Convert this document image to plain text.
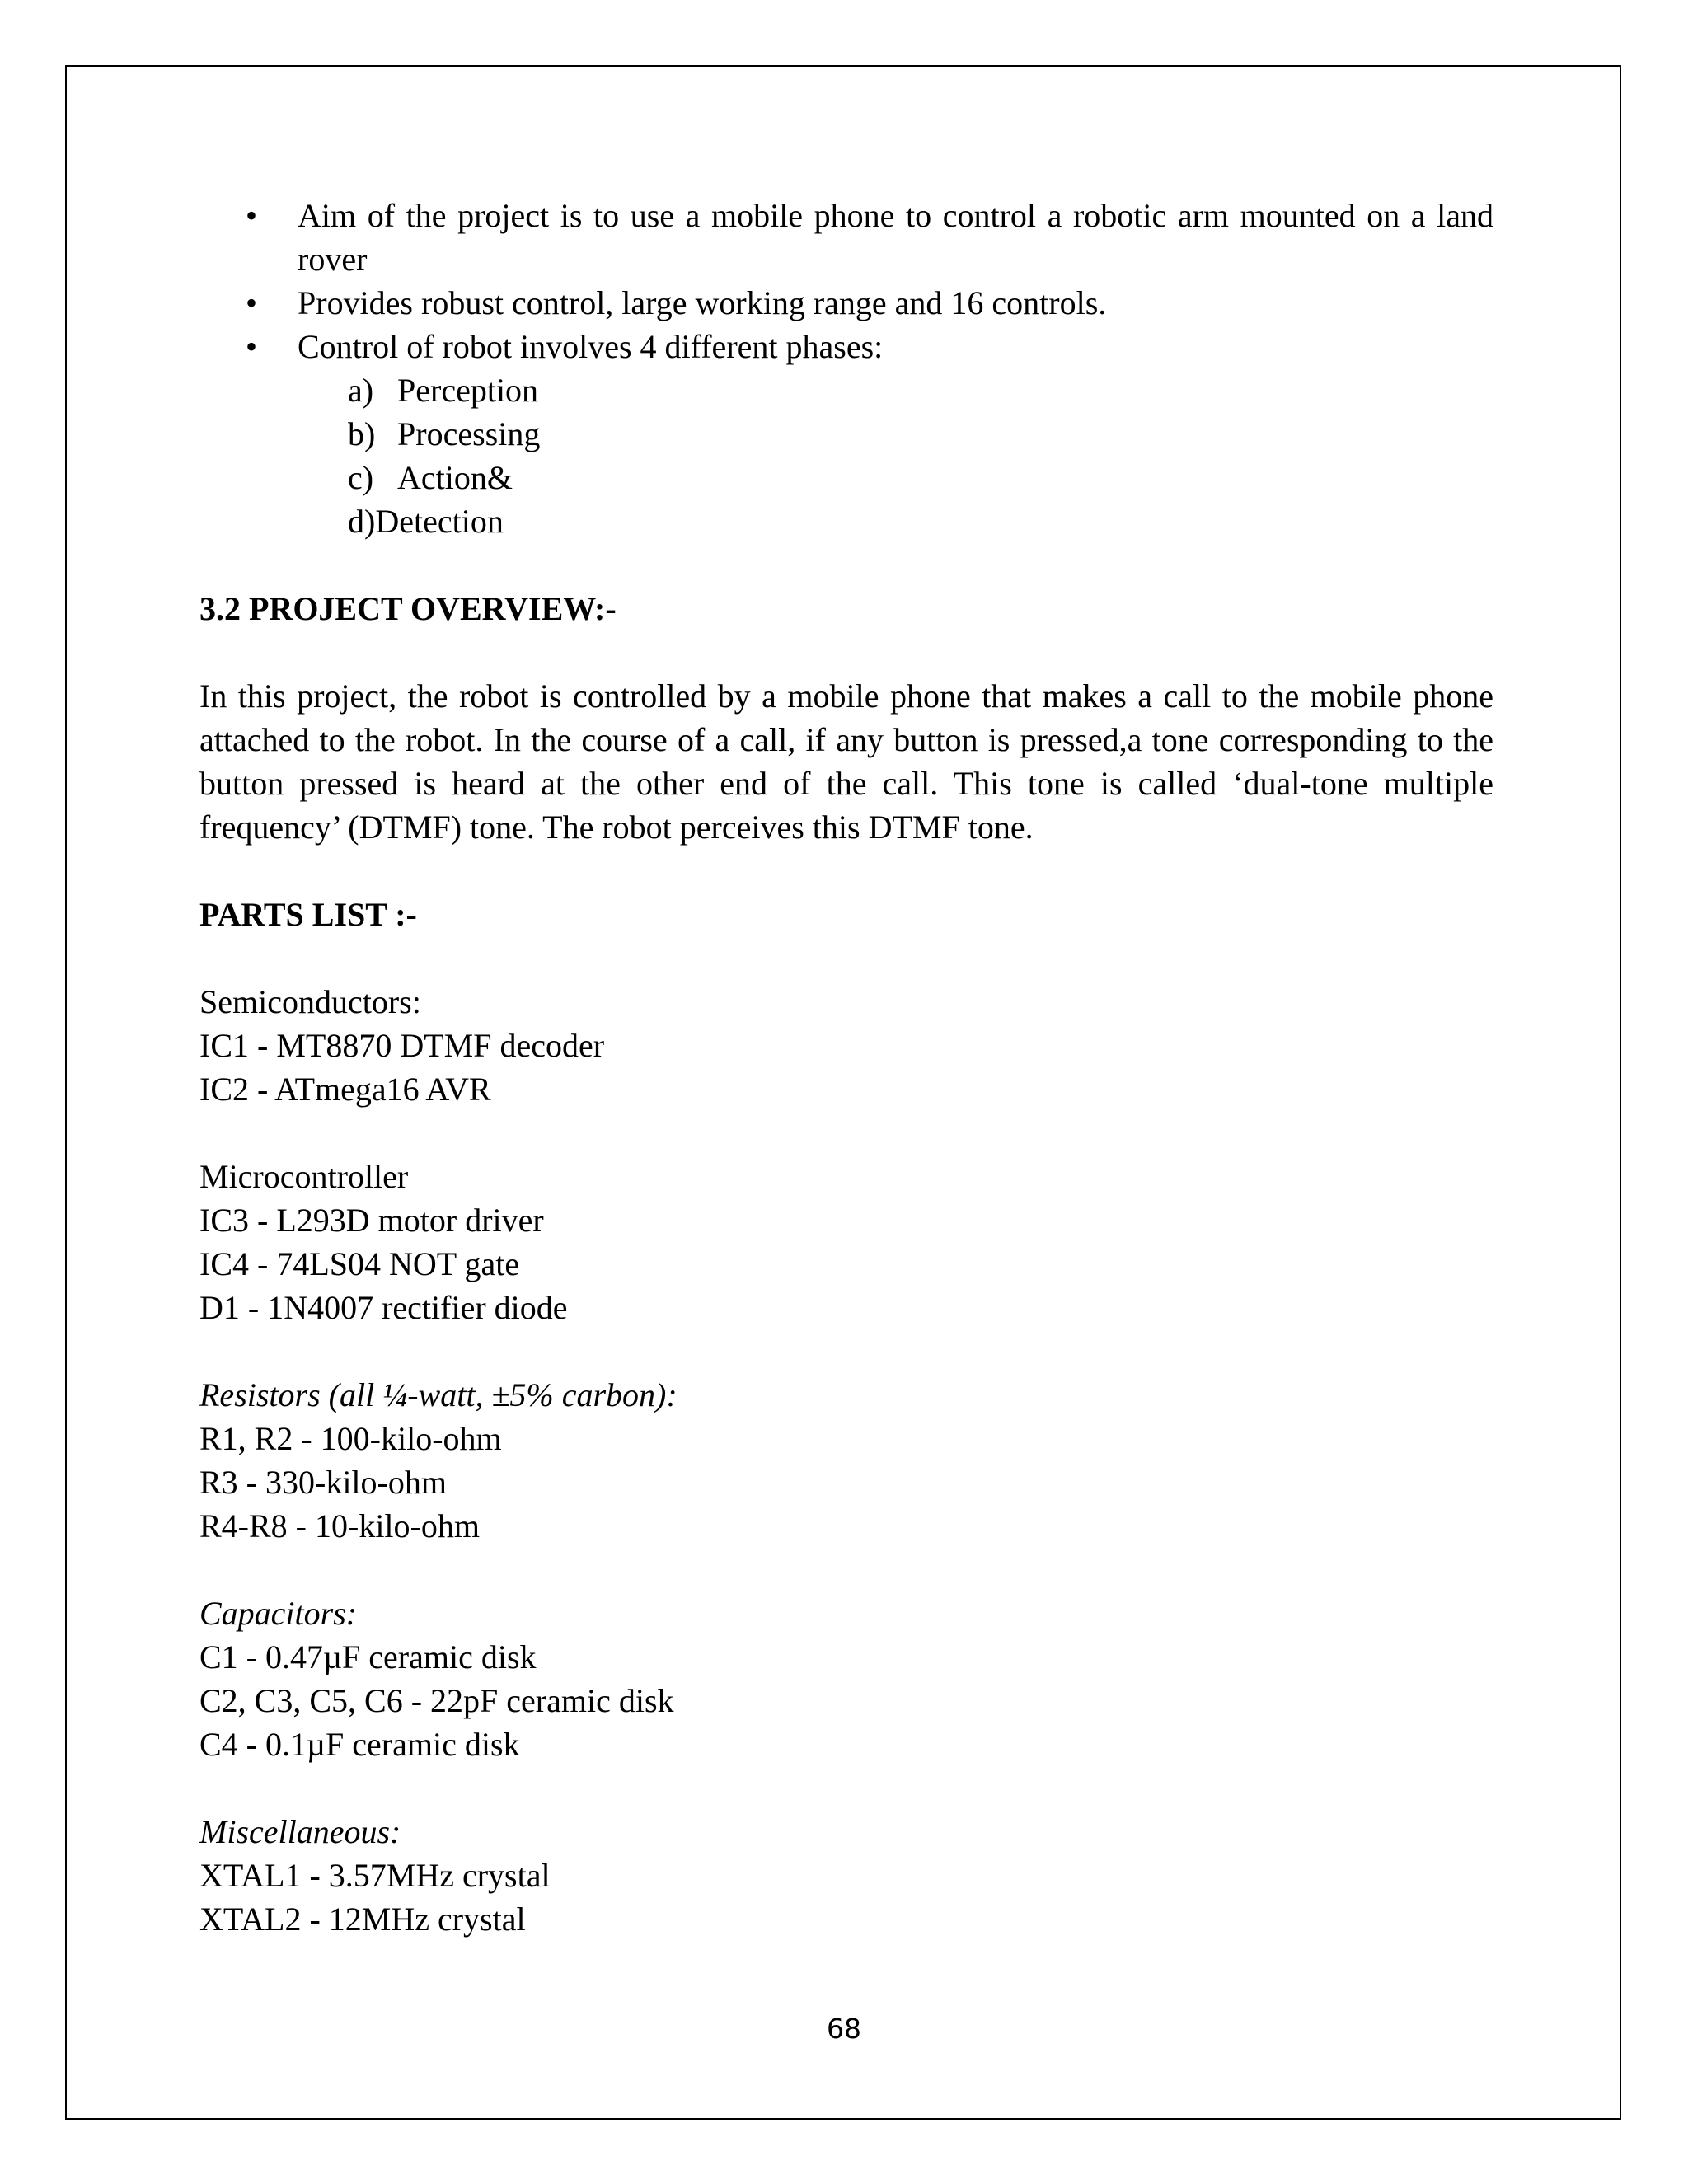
• Aim of the project is to use a mobile phone to control a robotic arm mounted on a land rover
• Provides robust control, large working range and 16 controls.
• Control of robot involves 4 different phases:
a) Perception
b) Processing
c) Action&
d)Detection

3.2 PROJECT OVERVIEW:-

In this project, the robot is controlled by a mobile phone that makes a call to the mobile phone attached to the robot. In the course of a call, if any button is pressed,a tone corresponding to the button pressed is heard at the other end of the call. This tone is called ‘dual-tone multiple frequency’ (DTMF) tone. The robot perceives this DTMF tone.

PARTS LIST :-

Semiconductors:
IC1 - MT8870 DTMF decoder
IC2 - ATmega16 AVR
Microcontroller
IC3 - L293D motor driver
IC4 - 74LS04 NOT gate
D1 - 1N4007 rectifier diode
Resistors (all ¼-watt, ±5% carbon):
R1, R2 - 100-kilo-ohm
R3 - 330-kilo-ohm
R4-R8 - 10-kilo-ohm
Capacitors:
C1 - 0.47µF ceramic disk
C2, C3, C5, C6 - 22pF ceramic disk
C4 - 0.1µF ceramic disk
Miscellaneous:
XTAL1 - 3.57MHz crystal
XTAL2 - 12MHz crystal
68
